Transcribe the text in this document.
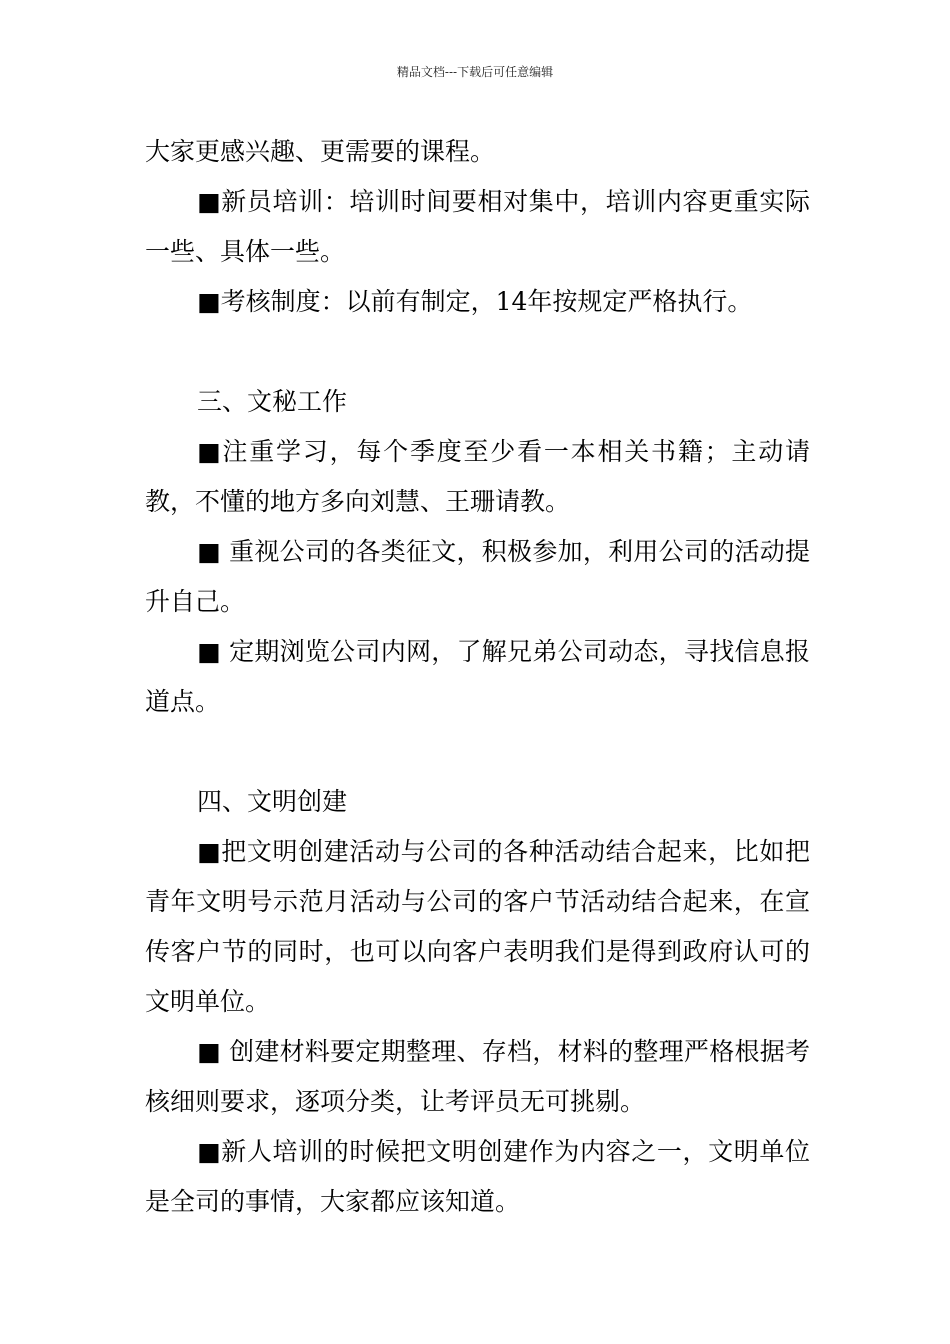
精品文档---下载后可任意编辑

大家更感兴趣、更需要的课程。

■新员培训：培训时间要相对集中，培训内容更重实际一些、具体一些。

■考核制度：以前有制定，14年按规定严格执行。

三、文秘工作

■注重学习，每个季度至少看一本相关书籍；主动请教，不懂的地方多向刘慧、王珊请教。

■ 重视公司的各类征文，积极参加，利用公司的活动提升自己。

■ 定期浏览公司内网，了解兄弟公司动态，寻找信息报道点。

四、文明创建

■把文明创建活动与公司的各种活动结合起来，比如把青年文明号示范月活动与公司的客户节活动结合起来，在宣传客户节的同时，也可以向客户表明我们是得到政府认可的文明单位。

■ 创建材料要定期整理、存档，材料的整理严格根据考核细则要求，逐项分类，让考评员无可挑剔。

■新人培训的时候把文明创建作为内容之一，文明单位是全司的事情，大家都应该知道。
